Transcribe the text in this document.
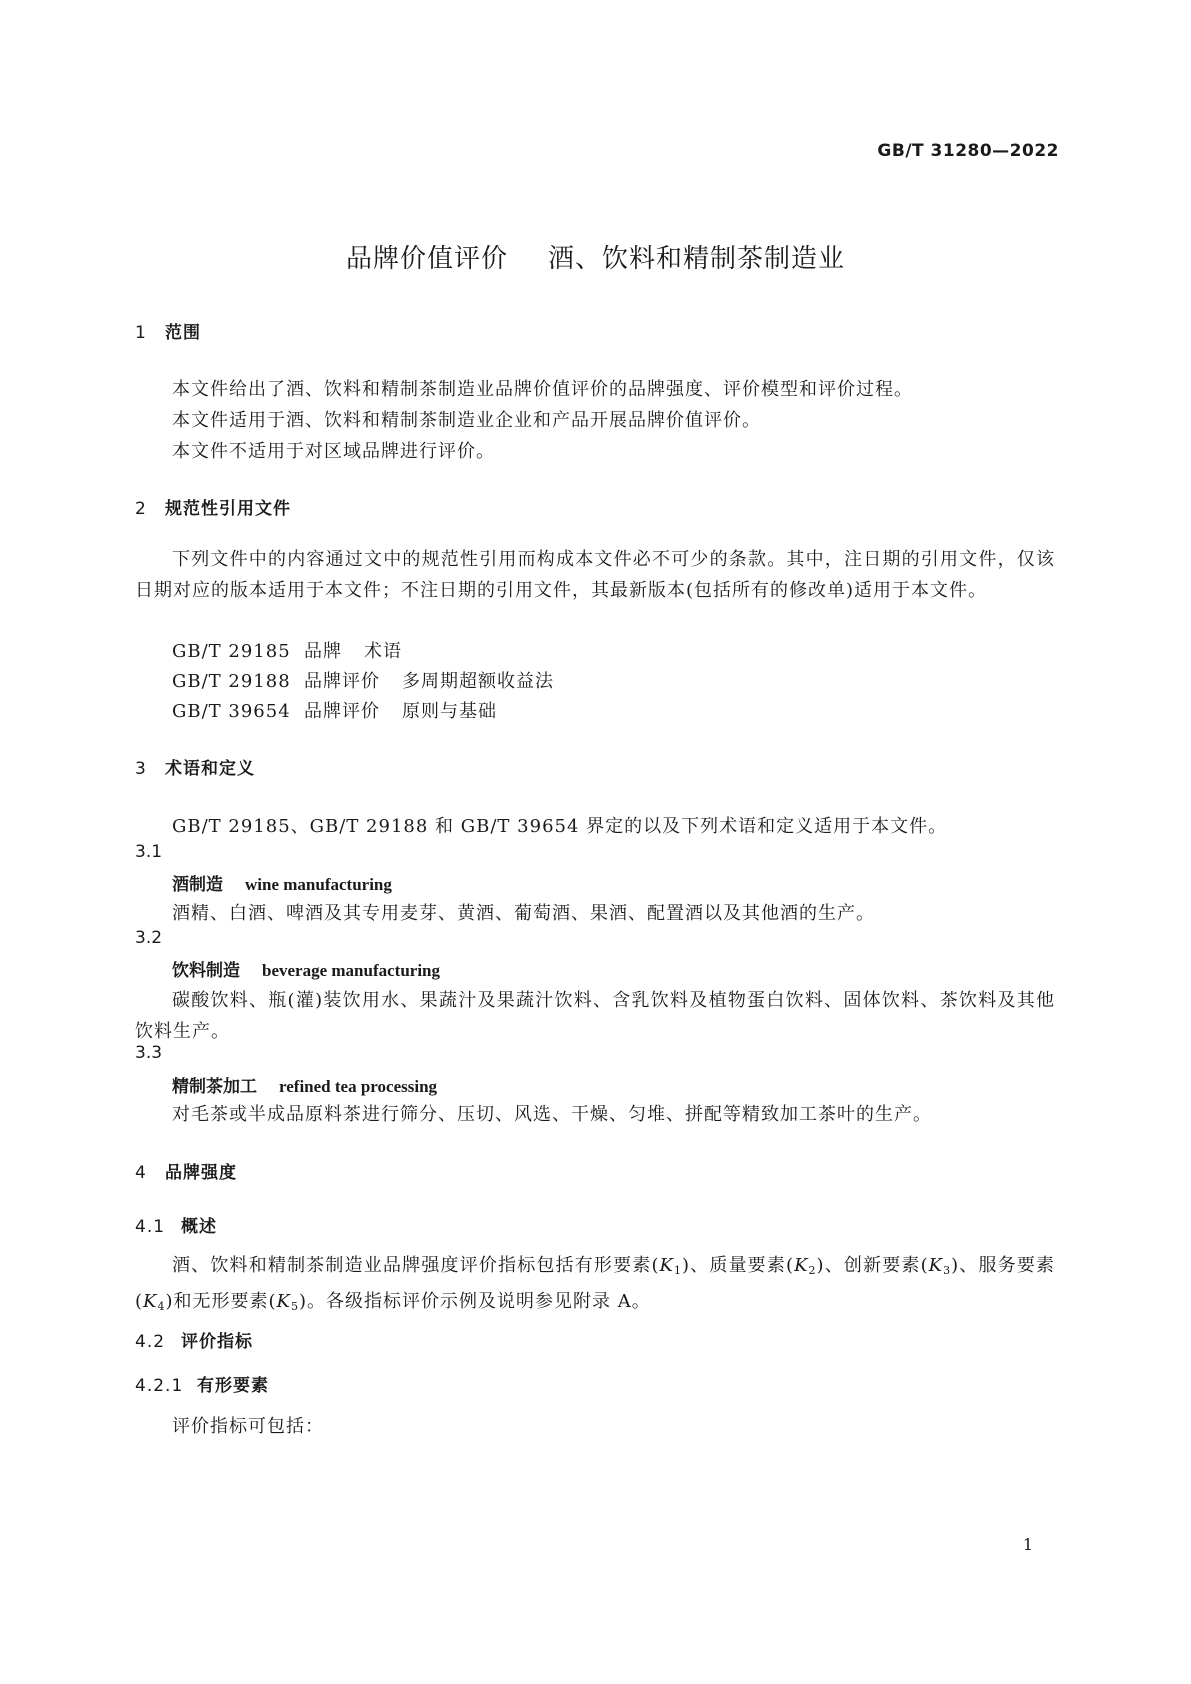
GB/T 31280—2022
品牌价值评价 酒、饮料和精制茶制造业
1 范围
本文件给出了酒、饮料和精制茶制造业品牌价值评价的品牌强度、评价模型和评价过程。
本文件适用于酒、饮料和精制茶制造业企业和产品开展品牌价值评价。
本文件不适用于对区域品牌进行评价。
2 规范性引用文件
下列文件中的内容通过文中的规范性引用而构成本文件必不可少的条款。其中，注日期的引用文件，仅该日期对应的版本适用于本文件；不注日期的引用文件，其最新版本(包括所有的修改单)适用于本文件。
GB/T 29185 品牌 术语
GB/T 29188 品牌评价 多周期超额收益法
GB/T 39654 品牌评价 原则与基础
3 术语和定义
GB/T 29185、GB/T 29188 和 GB/T 39654 界定的以及下列术语和定义适用于本文件。
3.1
酒制造 wine manufacturing
酒精、白酒、啤酒及其专用麦芽、黄酒、葡萄酒、果酒、配置酒以及其他酒的生产。
3.2
饮料制造 beverage manufacturing
碳酸饮料、瓶(灌)装饮用水、果蔬汁及果蔬汁饮料、含乳饮料及植物蛋白饮料、固体饮料、茶饮料及其他饮料生产。
3.3
精制茶加工 refined tea processing
对毛茶或半成品原料茶进行筛分、压切、风选、干燥、匀堆、拼配等精致加工茶叶的生产。
4 品牌强度
4.1 概述
酒、饮料和精制茶制造业品牌强度评价指标包括有形要素$(K_1)$、质量要素$(K_2)$、创新要素$(K_3)$、服务要素$(K_4)$和无形要素$(K_5)$。各级指标评价示例及说明参见附录 A。
4.2 评价指标
4.2.1 有形要素
评价指标可包括：
1
